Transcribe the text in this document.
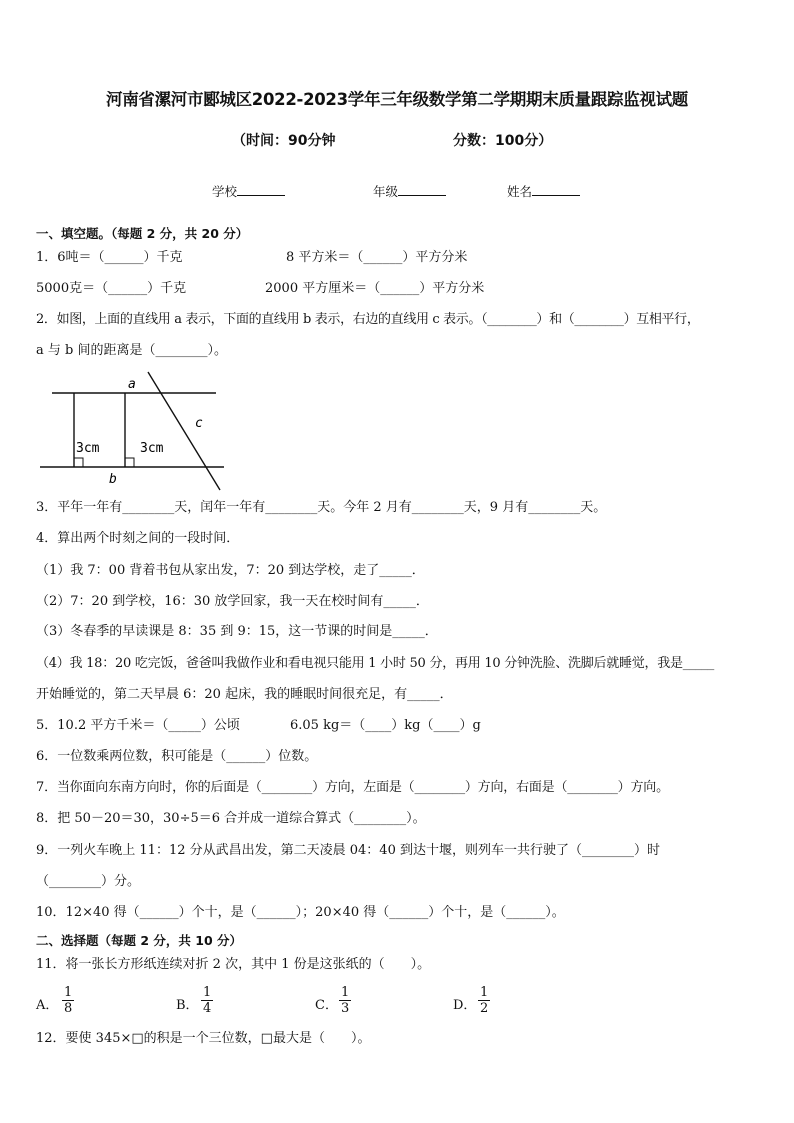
河南省漯河市郾城区2022-2023学年三年级数学第二学期期末质量跟踪监视试题
（时间：90分钟	分数：100分）
学校	年级	姓名
一、填空题。（每题 2 分，共 20 分）
1．6吨＝（______）千克	8 平方米＝（______）平方分米
5000克＝（______）千克	2000 平方厘米＝（______）平方分米
2．如图，上面的直线用 a 表示，下面的直线用 b 表示，右边的直线用 c 表示。（________）和（________）互相平行，
a 与 b 间的距离是（________）。
a
b
c
3cm	3cm
3．平年一年有________天，闰年一年有________天。今年 2 月有________天，9 月有________天。
4．算出两个时刻之间的一段时间．
（1）我 7：00 背着书包从家出发，7：20 到达学校，走了_____．
（2）7：20 到学校，16：30 放学回家，我一天在校时间有_____．
（3）冬春季的早读课是 8：35 到 9：15，这一节课的时间是_____．
（4）我 18：20 吃完饭，爸爸叫我做作业和看电视只能用 1 小时 50 分，再用 10 分钟洗脸、洗脚后就睡觉，我是_____
开始睡觉的，第二天早晨 6：20 起床，我的睡眠时间很充足，有_____．
5．10.2 平方千米＝（_____）公顷	6.05 kg＝（____）kg（____）g
6．一位数乘两位数，积可能是（______）位数。
7．当你面向东南方向时，你的后面是（________）方向，左面是（________）方向，右面是（________）方向。
8．把 50－20＝30，30÷5＝6 合并成一道综合算式（________）。
9．一列火车晚上 11：12 分从武昌出发，第二天凌晨 04：40 到达十堰，则列车一共行驶了（________）时
（________）分。
10．12×40 得（______）个十，是（______）；20×40 得（______）个十，是（______）。
二、选择题（每题 2 分，共 10 分）
11．将一张长方形纸连续对折 2 次，其中 1 份是这张纸的（　　）。
A． $\frac{1}{8}$	B． $\frac{1}{4}$	C． $\frac{1}{3}$	D． $\frac{1}{2}$
12．要使 345×□的积是一个三位数，□最大是（　　）。
